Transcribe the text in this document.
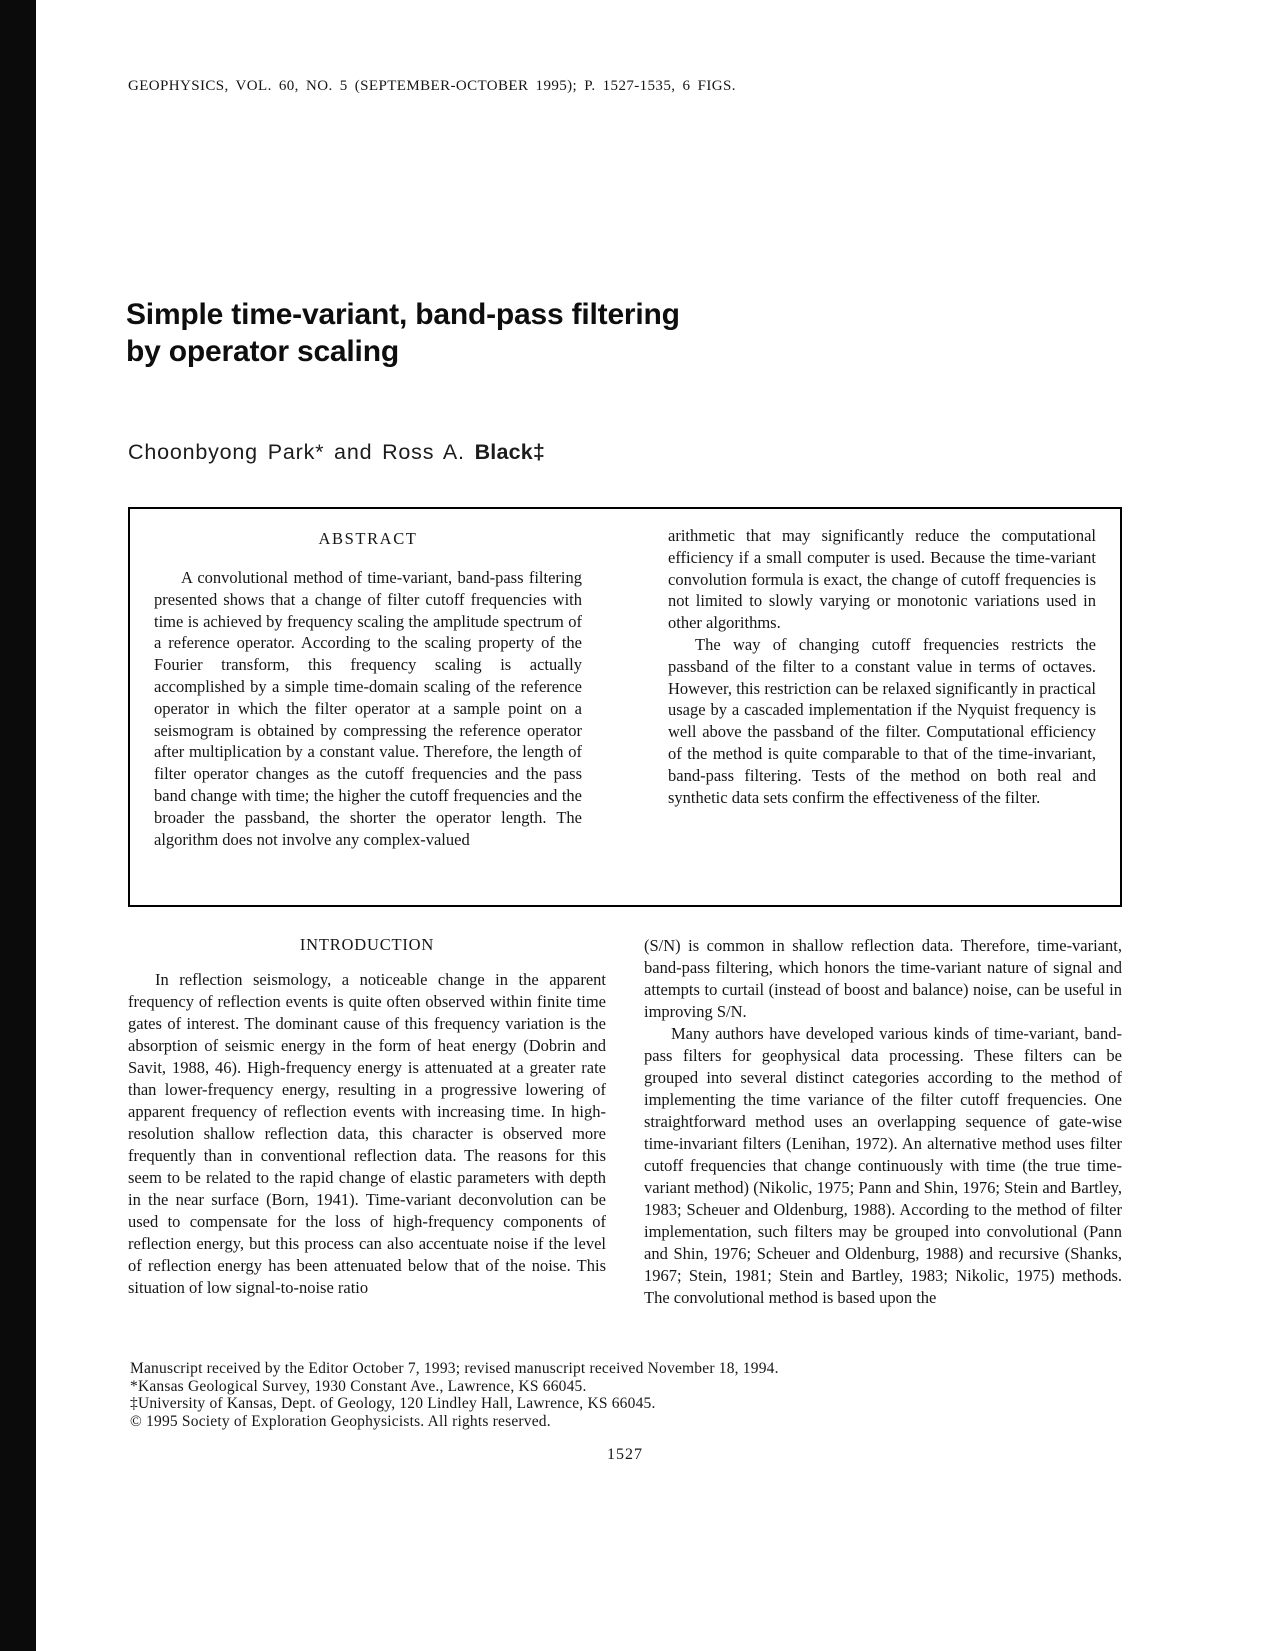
GEOPHYSICS, VOL. 60, NO. 5 (SEPTEMBER-OCTOBER 1995); P. 1527-1535, 6 FIGS.
Simple time-variant, band-pass filtering
by operator scaling
Choonbyong Park* and Ross A. Black‡
ABSTRACT

A convolutional method of time-variant, band-pass filtering presented shows that a change of filter cutoff frequencies with time is achieved by frequency scaling the amplitude spectrum of a reference operator. According to the scaling property of the Fourier transform, this frequency scaling is actually accomplished by a simple time-domain scaling of the reference operator in which the filter operator at a sample point on a seismogram is obtained by compressing the reference operator after multiplication by a constant value. Therefore, the length of filter operator changes as the cutoff frequencies and the pass band change with time; the higher the cutoff frequencies and the broader the passband, the shorter the operator length. The algorithm does not involve any complex-valued

arithmetic that may significantly reduce the computational efficiency if a small computer is used. Because the time-variant convolution formula is exact, the change of cutoff frequencies is not limited to slowly varying or monotonic variations used in other algorithms.

The way of changing cutoff frequencies restricts the passband of the filter to a constant value in terms of octaves. However, this restriction can be relaxed significantly in practical usage by a cascaded implementation if the Nyquist frequency is well above the passband of the filter. Computational efficiency of the method is quite comparable to that of the time-invariant, band-pass filtering. Tests of the method on both real and synthetic data sets confirm the effectiveness of the filter.

INTRODUCTION

In reflection seismology, a noticeable change in the apparent frequency of reflection events is quite often observed within finite time gates of interest. The dominant cause of this frequency variation is the absorption of seismic energy in the form of heat energy (Dobrin and Savit, 1988, 46). High-frequency energy is attenuated at a greater rate than lower-frequency energy, resulting in a progressive lowering of apparent frequency of reflection events with increasing time. In high-resolution shallow reflection data, this character is observed more frequently than in conventional reflection data. The reasons for this seem to be related to the rapid change of elastic parameters with depth in the near surface (Born, 1941). Time-variant deconvolution can be used to compensate for the loss of high-frequency components of reflection energy, but this process can also accentuate noise if the level of reflection energy has been attenuated below that of the noise. This situation of low signal-to-noise ratio

(S/N) is common in shallow reflection data. Therefore, time-variant, band-pass filtering, which honors the time-variant nature of signal and attempts to curtail (instead of boost and balance) noise, can be useful in improving S/N.

Many authors have developed various kinds of time-variant, band-pass filters for geophysical data processing. These filters can be grouped into several distinct categories according to the method of implementing the time variance of the filter cutoff frequencies. One straightforward method uses an overlapping sequence of gate-wise time-invariant filters (Lenihan, 1972). An alternative method uses filter cutoff frequencies that change continuously with time (the true time-variant method) (Nikolic, 1975; Pann and Shin, 1976; Stein and Bartley, 1983; Scheuer and Oldenburg, 1988). According to the method of filter implementation, such filters may be grouped into convolutional (Pann and Shin, 1976; Scheuer and Oldenburg, 1988) and recursive (Shanks, 1967; Stein, 1981; Stein and Bartley, 1983; Nikolic, 1975) methods. The convolutional method is based upon the

Manuscript received by the Editor October 7, 1993; revised manuscript received November 18, 1994.
*Kansas Geological Survey, 1930 Constant Ave., Lawrence, KS 66045.
‡University of Kansas, Dept. of Geology, 120 Lindley Hall, Lawrence, KS 66045.
© 1995 Society of Exploration Geophysicists. All rights reserved.
1527
